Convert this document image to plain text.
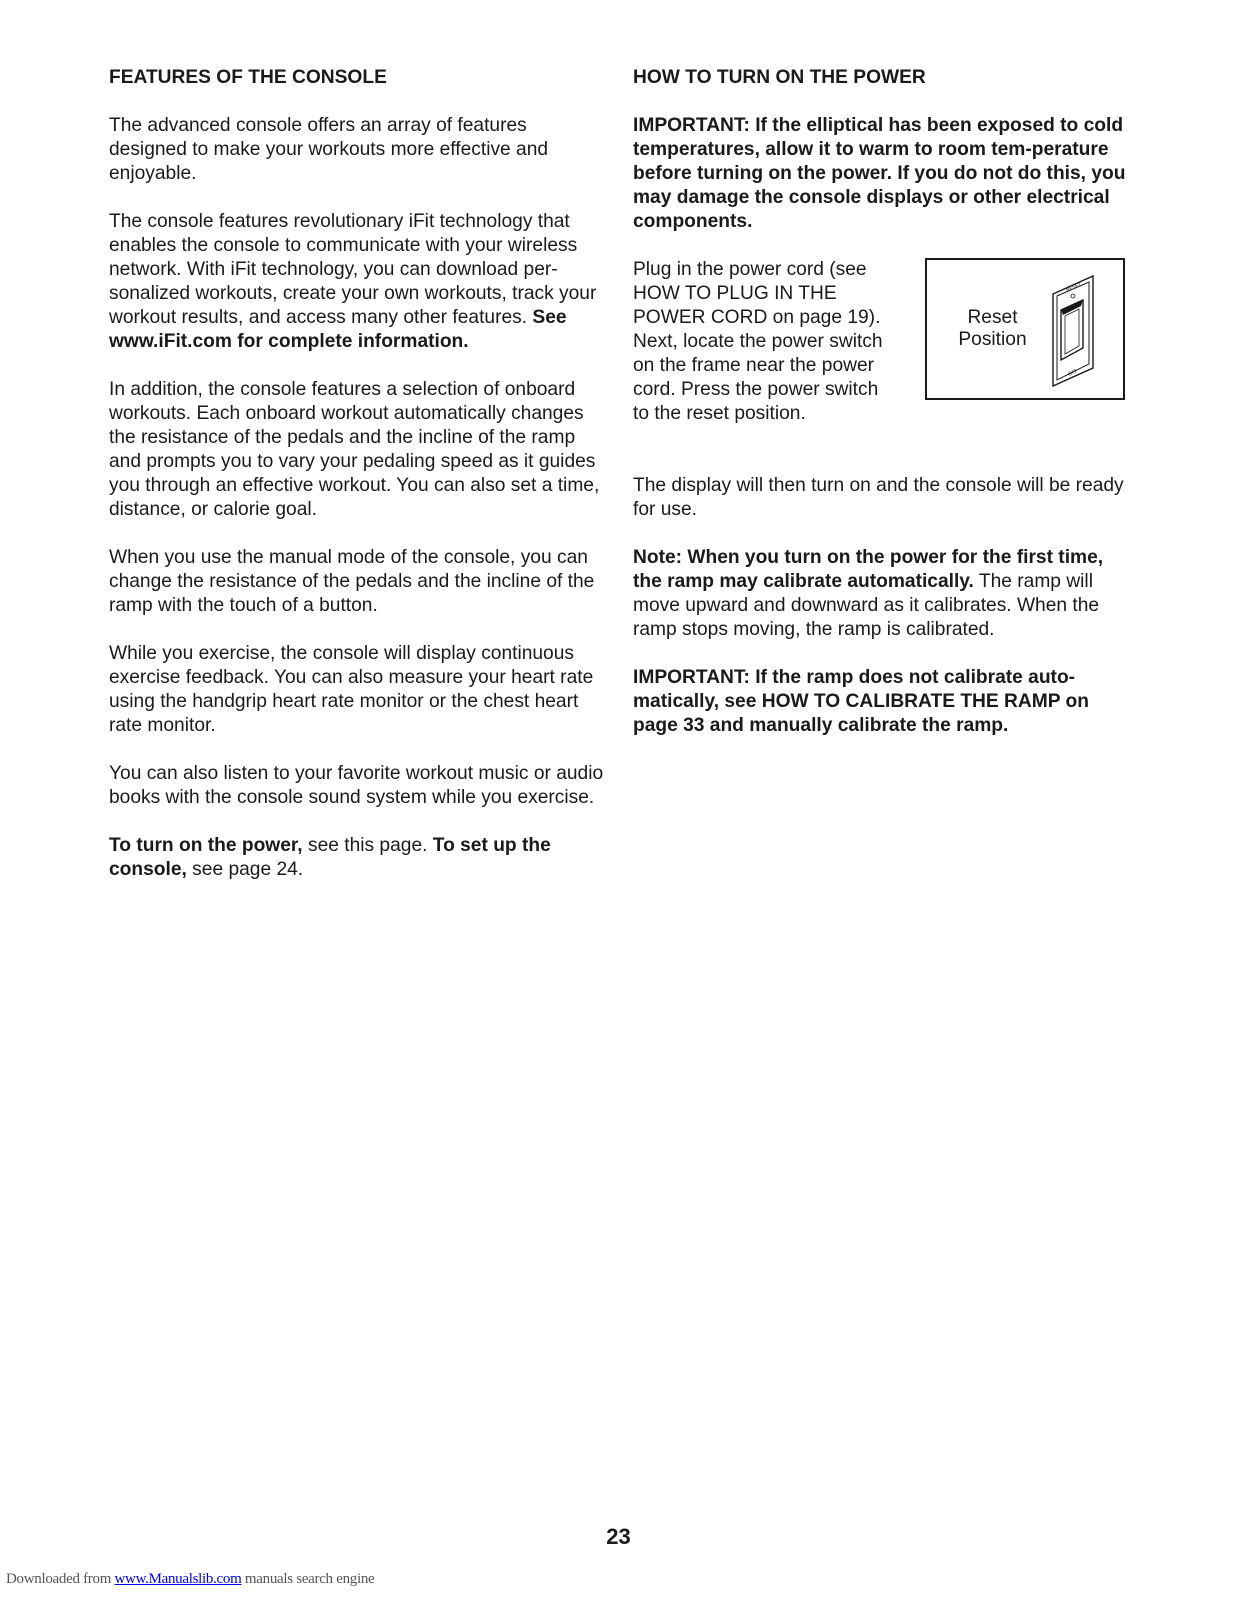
FEATURES OF THE CONSOLE

The advanced console offers an array of features designed to make your workouts more effective and enjoyable.

The console features revolutionary iFit technology that enables the console to communicate with your wireless network. With iFit technology, you can download per-sonalized workouts, create your own workouts, track your workout results, and access many other features. See www.iFit.com for complete information.

In addition, the console features a selection of onboard workouts. Each onboard workout automatically changes the resistance of the pedals and the incline of the ramp and prompts you to vary your pedaling speed as it guides you through an effective workout. You can also set a time, distance, or calorie goal.

When you use the manual mode of the console, you can change the resistance of the pedals and the incline of the ramp with the touch of a button.

While you exercise, the console will display continuous exercise feedback. You can also measure your heart rate using the handgrip heart rate monitor or the chest heart rate monitor.

You can also listen to your favorite workout music or audio books with the console sound system while you exercise.

To turn on the power, see this page. To set up the console, see page 24.

HOW TO TURN ON THE POWER

IMPORTANT: If the elliptical has been exposed to cold temperatures, allow it to warm to room tem-perature before turning on the power. If you do not do this, you may damage the console displays or other electrical components.

Plug in the power cord (see HOW TO PLUG IN THE POWER CORD on page 19). Next, locate the power switch on the frame near the power cord. Press the power switch to the reset position.
Reset Position
RESET
OFF

The display will then turn on and the console will be ready for use.

Note: When you turn on the power for the first time, the ramp may calibrate automatically. The ramp will move upward and downward as it calibrates. When the ramp stops moving, the ramp is calibrated.

IMPORTANT: If the ramp does not calibrate auto-matically, see HOW TO CALIBRATE THE RAMP on page 33 and manually calibrate the ramp.

23
Downloaded from www.Manualslib.com manuals search engine
